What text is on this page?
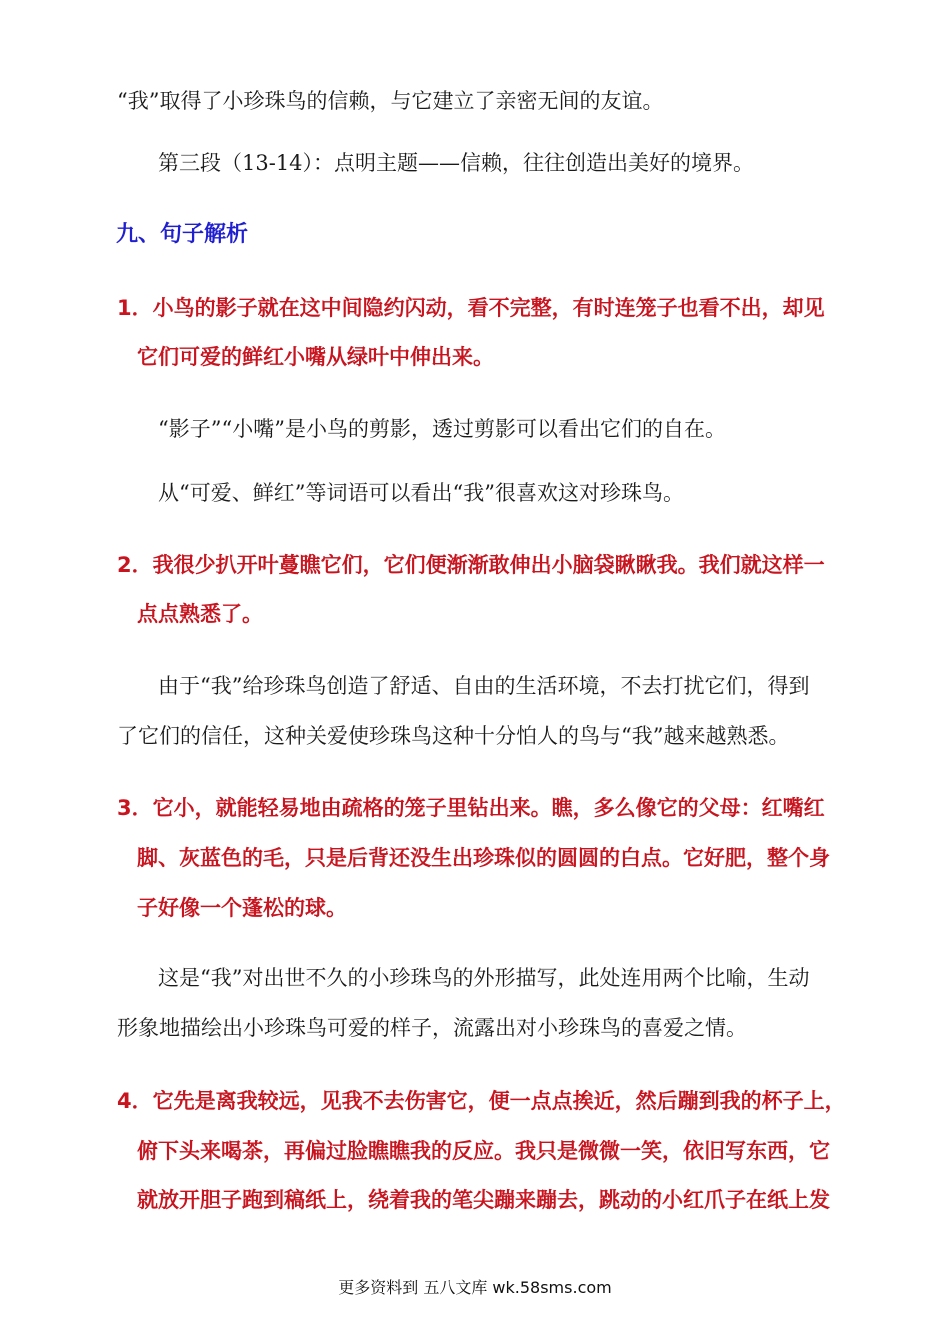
“我”取得了小珍珠鸟的信赖，与它建立了亲密无间的友谊。
第三段（13-14）：点明主题——信赖，往往创造出美好的境界。
九、句子解析
1．小鸟的影子就在这中间隐约闪动，看不完整，有时连笼子也看不出，却见
它们可爱的鲜红小嘴从绿叶中伸出来。
“影子”“小嘴”是小鸟的剪影，透过剪影可以看出它们的自在。
从“可爱、鲜红”等词语可以看出“我”很喜欢这对珍珠鸟。
2．我很少扒开叶蔓瞧它们，它们便渐渐敢伸出小脑袋瞅瞅我。我们就这样一
点点熟悉了。
由于“我”给珍珠鸟创造了舒适、自由的生活环境，不去打扰它们，得到
了它们的信任，这种关爱使珍珠鸟这种十分怕人的鸟与“我”越来越熟悉。
3．它小，就能轻易地由疏格的笼子里钻出来。瞧，多么像它的父母：红嘴红
脚、灰蓝色的毛，只是后背还没生出珍珠似的圆圆的白点。它好肥，整个身
子好像一个蓬松的球。
这是“我”对出世不久的小珍珠鸟的外形描写，此处连用两个比喻，生动
形象地描绘出小珍珠鸟可爱的样子，流露出对小珍珠鸟的喜爱之情。
4．它先是离我较远，见我不去伤害它，便一点点挨近，然后蹦到我的杯子上，
俯下头来喝茶，再偏过脸瞧瞧我的反应。我只是微微一笑，依旧写东西，它
就放开胆子跑到稿纸上，绕着我的笔尖蹦来蹦去，跳动的小红爪子在纸上发
更多资料到 五八文库 wk.58sms.com
